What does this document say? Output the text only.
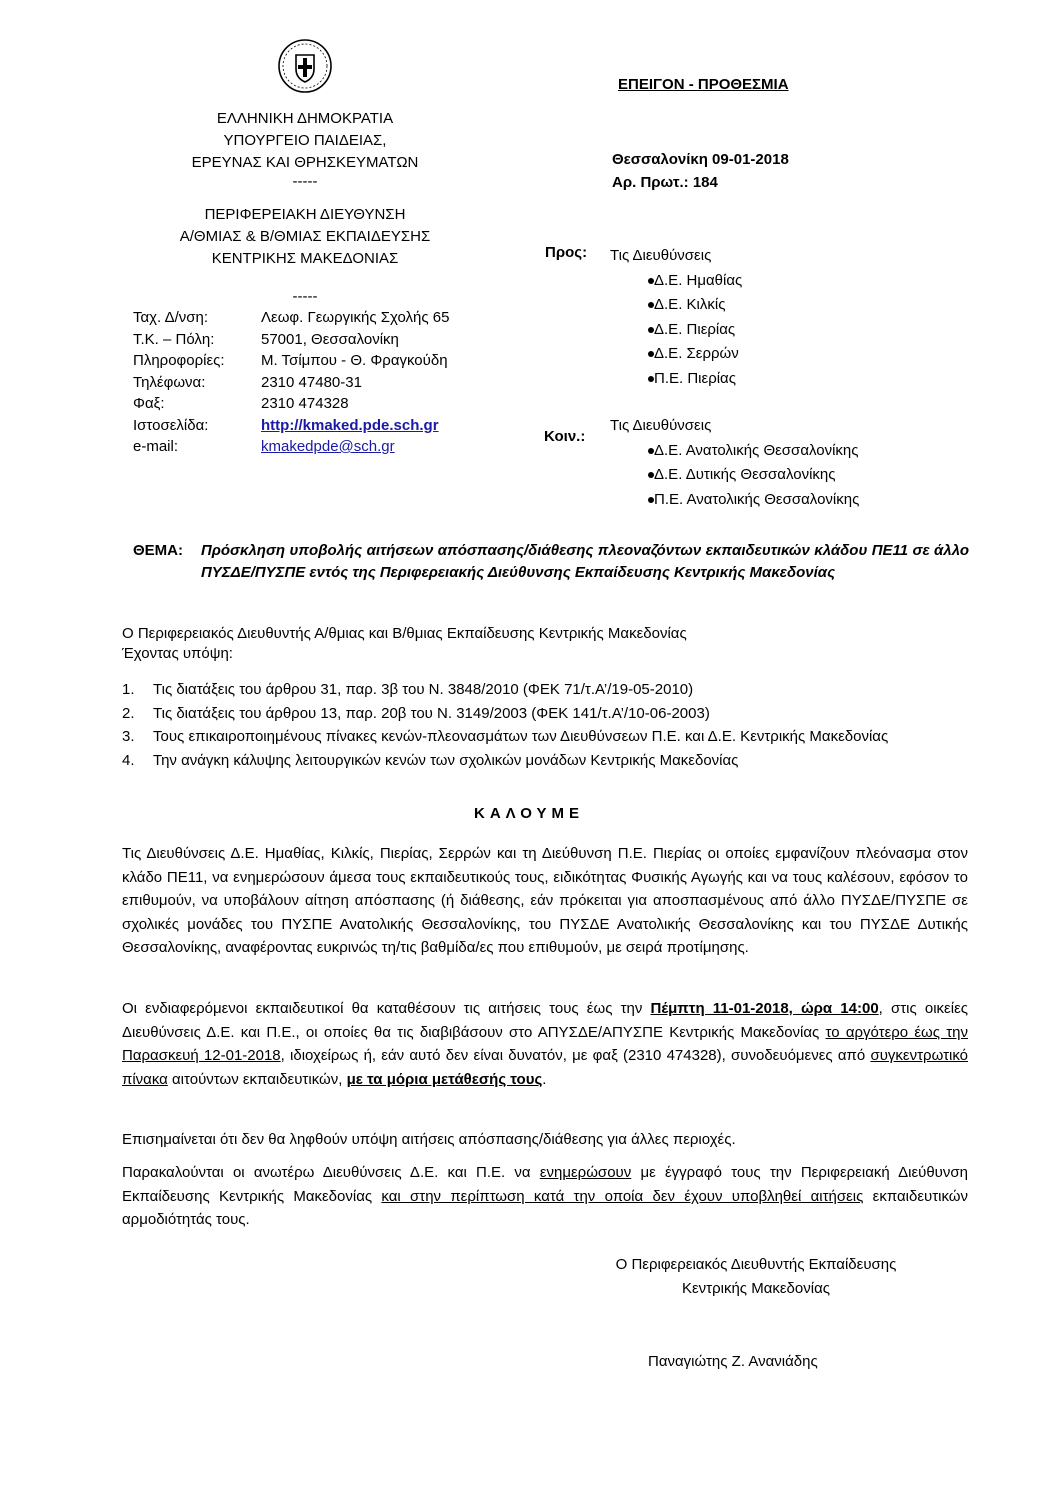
ΕΛΛΗΝΙΚΗ ΔΗΜΟΚΡΑΤΙΑ
ΥΠΟΥΡΓΕΙΟ ΠΑΙΔΕΙΑΣ,
ΕΡΕΥΝΑΣ ΚΑΙ ΘΡΗΣΚΕΥΜΑΤΩΝ
-----
ΠΕΡΙΦΕΡΕΙΑΚΗ ΔΙΕΥΘΥΝΣΗ
Α/ΘΜΙΑΣ & Β/ΘΜΙΑΣ ΕΚΠΑΙΔΕΥΣΗΣ
ΚΕΝΤΡΙΚΗΣ ΜΑΚΕΔΟΝΙΑΣ
-----
Ταχ. Δ/νση:	Λεωφ. Γεωργικής Σχολής 65
Τ.Κ. – Πόλη:	57001, Θεσσαλονίκη
Πληροφορίες:	Μ. Τσίμπου - Θ. Φραγκούδη
Τηλέφωνα:	2310 47480-31
Φαξ:	2310 474328
Ιστοσελίδα:	http://kmaked.pde.sch.gr
e-mail:	kmakedpde@sch.gr
ΕΠΕΙΓΟΝ - ΠΡΟΘΕΣΜΙΑ
Θεσσαλονίκη 09-01-2018
Αρ. Πρωτ.: 184
Προς: Τις Διευθύνσεις
Δ.Ε. Ημαθίας
Δ.Ε. Κιλκίς
Δ.Ε. Πιερίας
Δ.Ε. Σερρών
Π.Ε. Πιερίας
Κοιν.:
Τις Διευθύνσεις
Δ.Ε. Ανατολικής Θεσσαλονίκης
Δ.Ε. Δυτικής Θεσσαλονίκης
Π.Ε. Ανατολικής Θεσσαλονίκης
ΘΕΜΑ: Πρόσκληση υποβολής αιτήσεων απόσπασης/διάθεσης πλεοναζόντων εκπαιδευτικών κλάδου ΠΕ11 σε άλλο ΠΥΣΔΕ/ΠΥΣΠΕ εντός της Περιφερειακής Διεύθυνσης Εκπαίδευσης Κεντρικής Μακεδονίας
Ο Περιφερειακός Διευθυντής Α/θμιας και Β/θμιας Εκπαίδευσης Κεντρικής Μακεδονίας
Έχοντας υπόψη:
1. Τις διατάξεις του άρθρου 31, παρ. 3β του Ν. 3848/2010 (ΦΕΚ 71/τ.Α’/19-05-2010)
2. Τις διατάξεις του άρθρου 13, παρ. 20β του Ν. 3149/2003 (ΦΕΚ 141/τ.Α’/10-06-2003)
3. Τους επικαιροποιημένους πίνακες κενών-πλεονασμάτων των Διευθύνσεων Π.Ε. και Δ.Ε. Κεντρικής Μακεδονίας
4. Την ανάγκη κάλυψης λειτουργικών κενών των σχολικών μονάδων Κεντρικής Μακεδονίας
ΚΑΛΟΥΜΕ
Τις Διευθύνσεις Δ.Ε. Ημαθίας, Κιλκίς, Πιερίας, Σερρών και τη Διεύθυνση Π.Ε. Πιερίας οι οποίες εμφανίζουν πλεόνασμα στον κλάδο ΠΕ11, να ενημερώσουν άμεσα τους εκπαιδευτικούς τους, ειδικότητας Φυσικής Αγωγής και να τους καλέσουν, εφόσον το επιθυμούν, να υποβάλουν αίτηση απόσπασης (ή διάθεσης, εάν πρόκειται για αποσπασμένους από άλλο ΠΥΣΔΕ/ΠΥΣΠΕ σε σχολικές μονάδες του ΠΥΣΠΕ Ανατολικής Θεσσαλονίκης, του ΠΥΣΔΕ Ανατολικής Θεσσαλονίκης και του ΠΥΣΔΕ Δυτικής Θεσσαλονίκης, αναφέροντας ευκρινώς τη/τις βαθμίδα/ες που επιθυμούν, με σειρά προτίμησης.
Οι ενδιαφερόμενοι εκπαιδευτικοί θα καταθέσουν τις αιτήσεις τους έως την Πέμπτη 11-01-2018, ώρα 14:00, στις οικείες Διευθύνσεις Δ.Ε. και Π.Ε., οι οποίες θα τις διαβιβάσουν στο ΑΠΥΣΔΕ/ΑΠΥΣΠΕ Κεντρικής Μακεδονίας το αργότερο έως την Παρασκευή 12-01-2018, ιδιοχείρως ή, εάν αυτό δεν είναι δυνατόν, με φαξ (2310 474328), συνοδευόμενες από συγκεντρωτικό πίνακα αιτούντων εκπαιδευτικών, με τα μόρια μετάθεσής τους.
Επισημαίνεται ότι δεν θα ληφθούν υπόψη αιτήσεις απόσπασης/διάθεσης για άλλες περιοχές.
Παρακαλούνται οι ανωτέρω Διευθύνσεις Δ.Ε. και Π.Ε. να ενημερώσουν με έγγραφό τους την Περιφερειακή Διεύθυνση Εκπαίδευσης Κεντρικής Μακεδονίας και στην περίπτωση κατά την οποία δεν έχουν υποβληθεί αιτήσεις εκπαιδευτικών αρμοδιότητάς τους.
Ο Περιφερειακός Διευθυντής Εκπαίδευσης
Κεντρικής Μακεδονίας
Παναγιώτης Ζ. Ανανιάδης
